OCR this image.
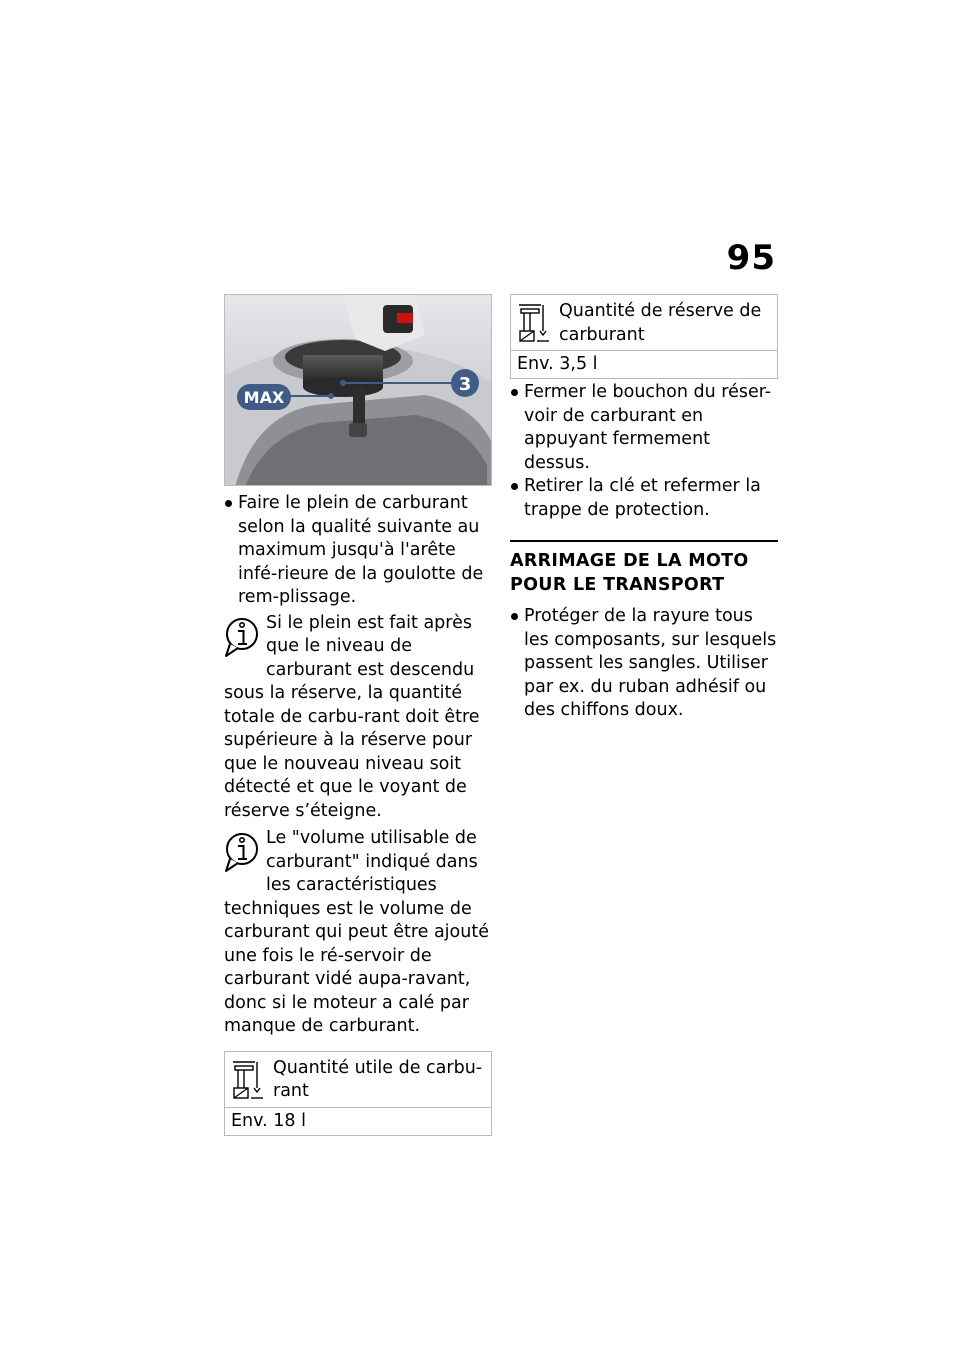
95
MAX
3

Faire le plein de carburant selon la qualité suivante au maximum jusqu'à l'arête infé-rieure de la goulotte de rem-plissage.

Si le plein est fait après que le niveau de carburant est descendu sous la réserve, la quantité totale de carbu-rant doit être supérieure à la réserve pour que le nouveau niveau soit détecté et que le voyant de réserve s’éteigne.
Le "volume utilisable de carburant" indiqué dans les caractéristiques techniques est le volume de carburant qui peut être ajouté une fois le ré-servoir de carburant vidé aupa-ravant, donc si le moteur a calé par manque de carburant.
Quantité utile de carbu-rant
Env. 18 l
Quantité de réserve de carburant
Env. 3,5 l

Fermer le bouchon du réser-voir de carburant en appuyant fermement dessus.

Retirer la clé et refermer la trappe de protection.

ARRIMAGE DE LA MOTO POUR LE TRANSPORT

Protéger de la rayure tous les composants, sur lesquels passent les sangles. Utiliser par ex. du ruban adhésif ou des chiffons doux.
